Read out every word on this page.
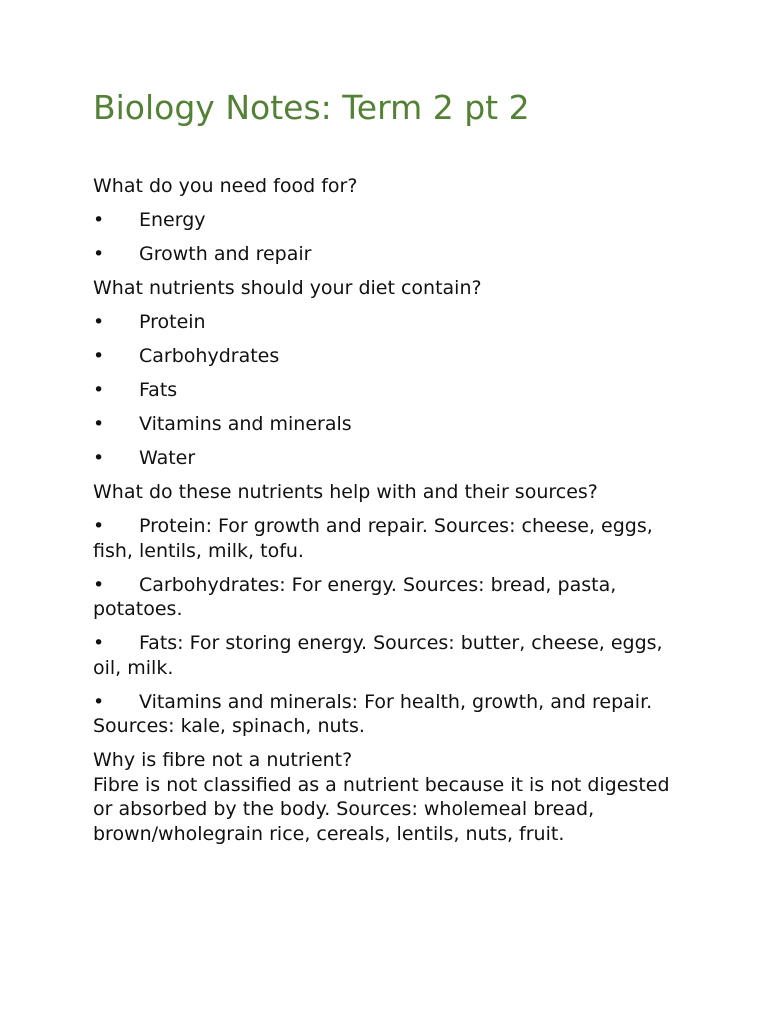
Biology Notes: Term 2 pt 2

What do you need food for?

• Energy
• Growth and repair

What nutrients should your diet contain?

• Protein
• Carbohydrates
• Fats
• Vitamins and minerals
• Water

What do these nutrients help with and their sources?

• Protein: For growth and repair. Sources: cheese, eggs, fish, lentils, milk, tofu.
• Carbohydrates: For energy. Sources: bread, pasta, potatoes.
• Fats: For storing energy. Sources: butter, cheese, eggs, oil, milk.
• Vitamins and minerals: For health, growth, and repair. Sources: kale, spinach, nuts.

Why is fibre not a nutrient?

Fibre is not classified as a nutrient because it is not digested or absorbed by the body. Sources: wholemeal bread, brown/wholegrain rice, cereals, lentils, nuts, fruit.
